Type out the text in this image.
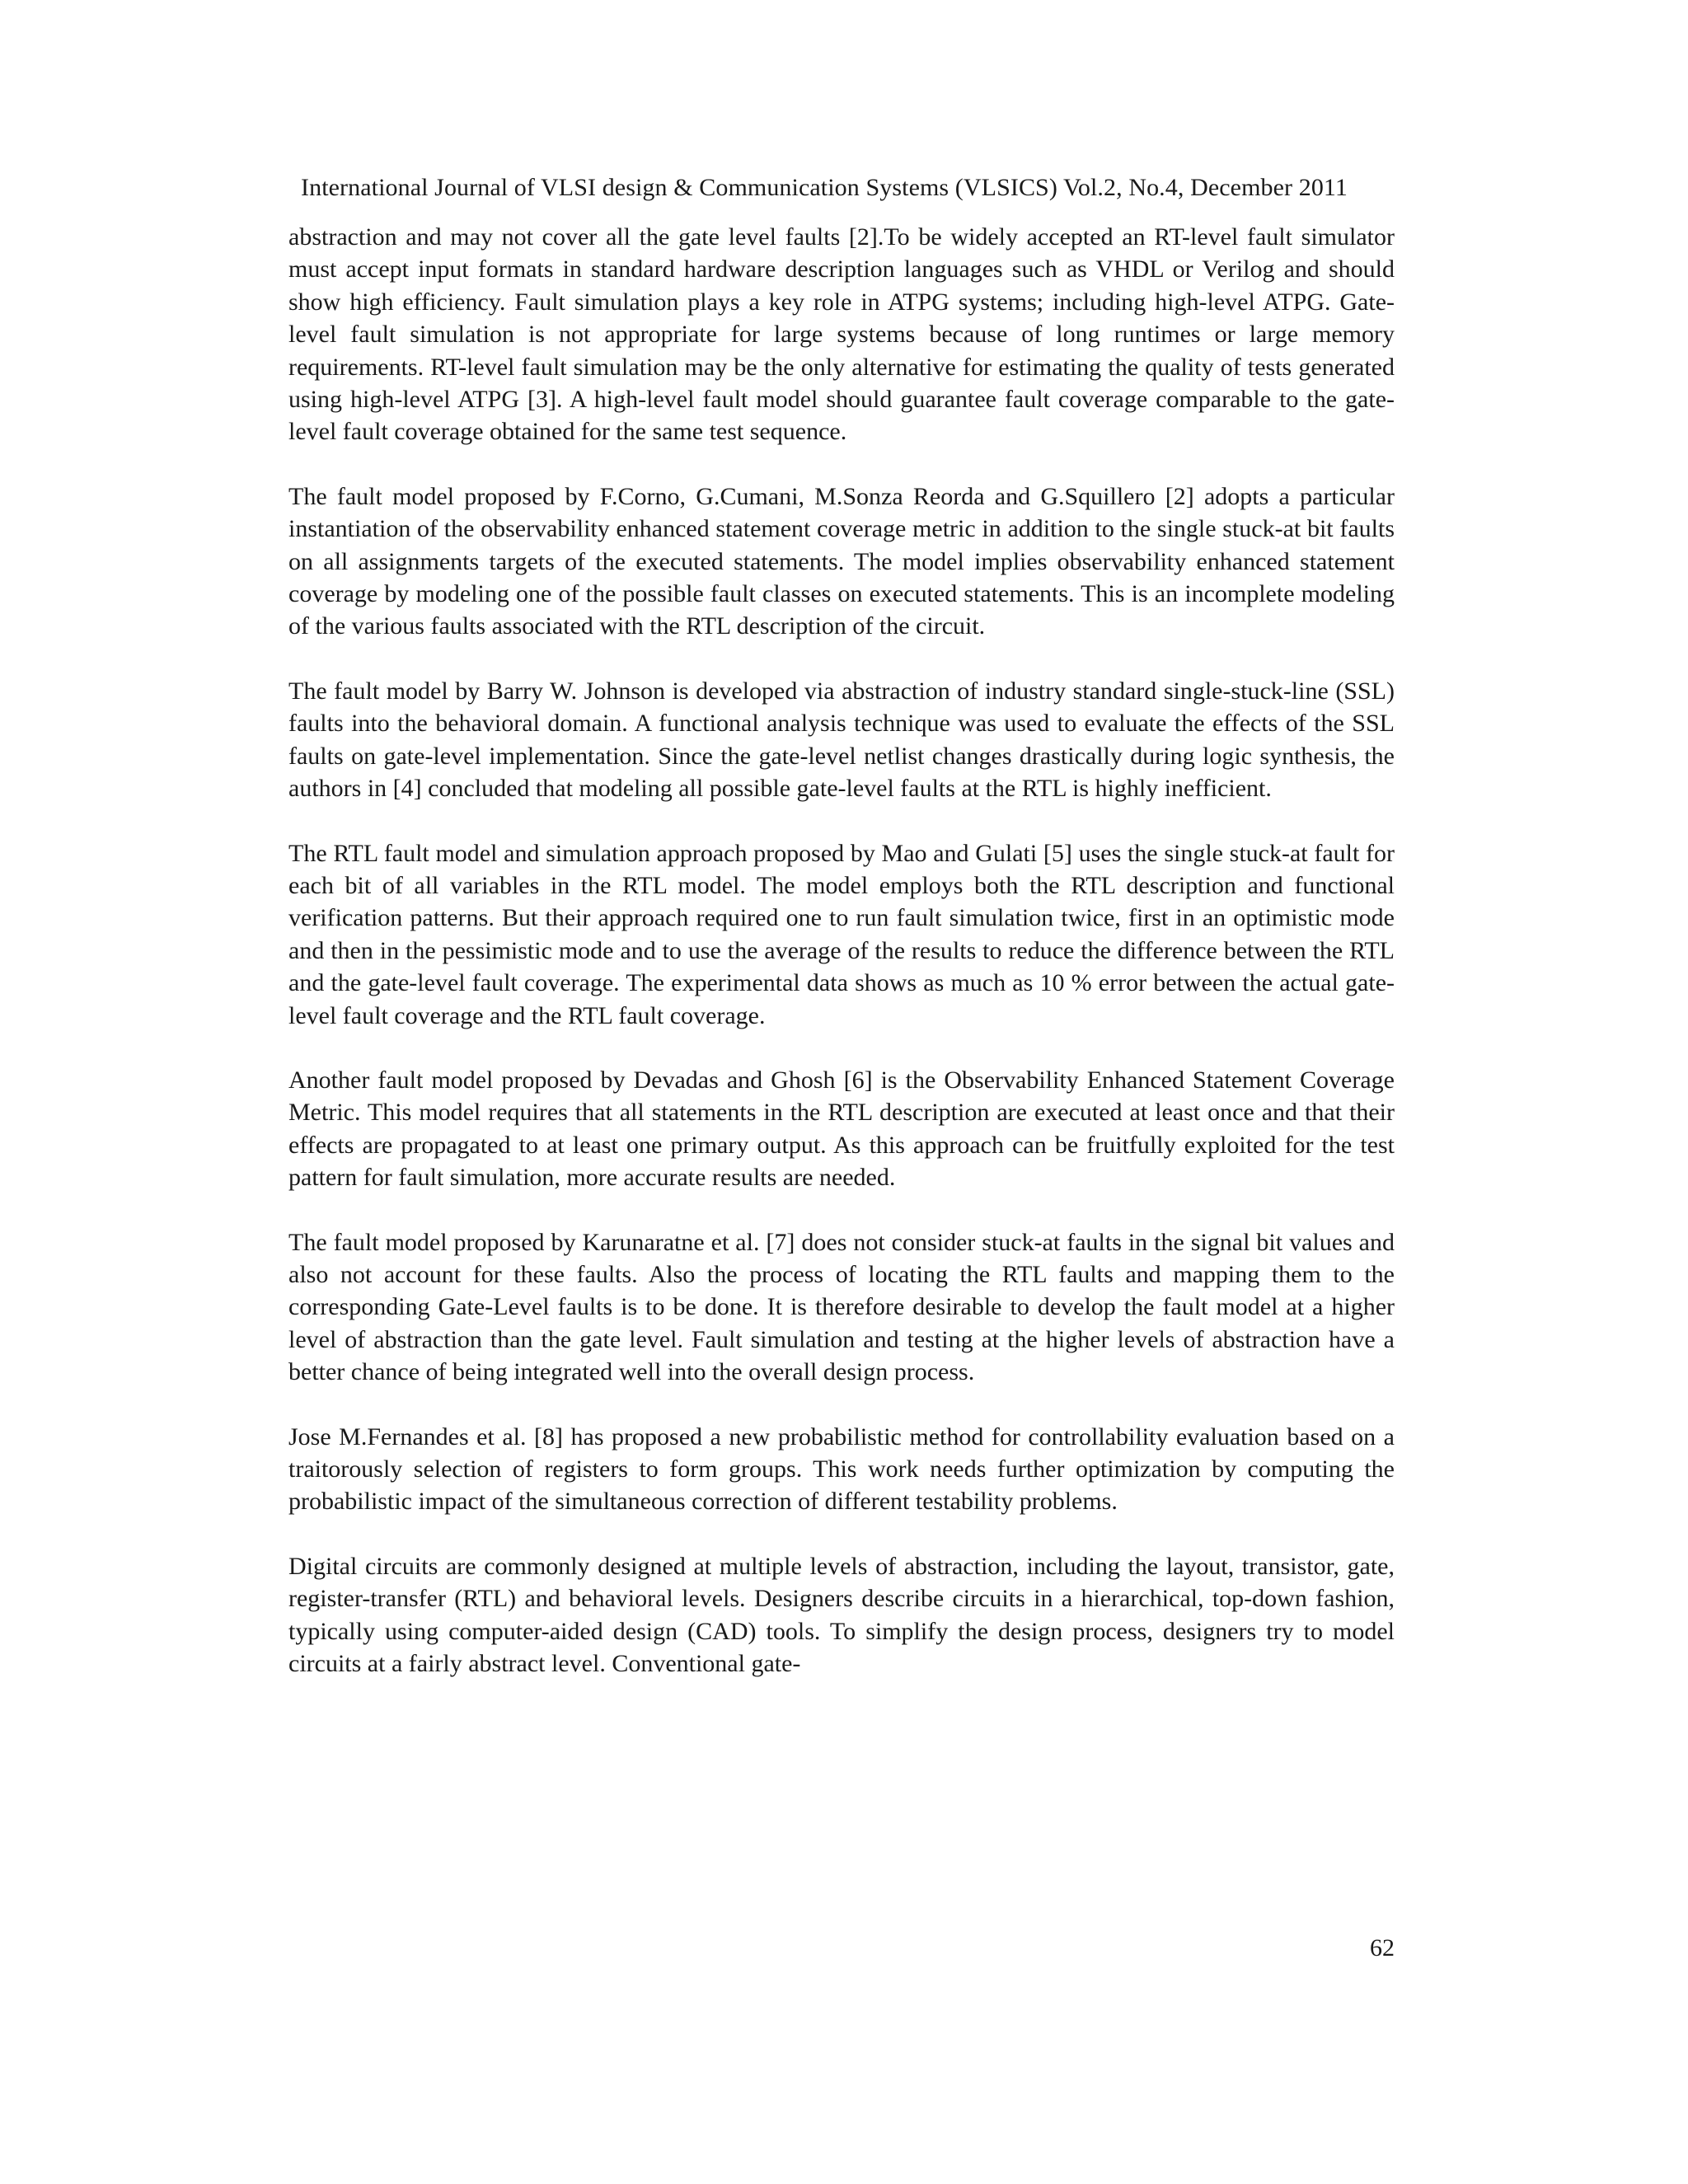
International Journal of VLSI design & Communication Systems (VLSICS) Vol.2, No.4, December 2011

abstraction and may not cover all the gate level faults [2].To be widely accepted an RT-level fault simulator must accept input formats in standard hardware description languages such as VHDL or Verilog and should show high efficiency. Fault simulation plays a key role in ATPG systems; including high-level ATPG. Gate-level fault simulation is not appropriate for large systems because of long runtimes or large memory requirements. RT-level fault simulation may be the only alternative for estimating the quality of tests generated using high-level ATPG [3]. A high-level fault model should guarantee fault coverage comparable to the gate-level fault coverage obtained for the same test sequence.

The fault model proposed by F.Corno, G.Cumani, M.Sonza Reorda and G.Squillero [2] adopts a particular instantiation of the observability enhanced statement coverage metric in addition to the single stuck-at bit faults on all assignments targets of the executed statements. The model implies observability enhanced statement coverage by modeling one of the possible fault classes on executed statements. This is an incomplete modeling of the various faults associated with the RTL description of the circuit.

The fault model by Barry W. Johnson is developed via abstraction of industry standard single-stuck-line (SSL) faults into the behavioral domain. A functional analysis technique was used to evaluate the effects of the SSL faults on gate-level implementation. Since the gate-level netlist changes drastically during logic synthesis, the authors in [4] concluded that modeling all possible gate-level faults at the RTL is highly inefficient.

The RTL fault model and simulation approach proposed by Mao and Gulati [5] uses the single stuck-at fault for each bit of all variables in the RTL model. The model employs both the RTL description and functional verification patterns. But their approach required one to run fault simulation twice, first in an optimistic mode and then in the pessimistic mode and to use the average of the results to reduce the difference between the RTL and the gate-level fault coverage. The experimental data shows as much as 10 % error between the actual gate-level fault coverage and the RTL fault coverage.

Another fault model proposed by Devadas and Ghosh [6] is the Observability Enhanced Statement Coverage Metric. This model requires that all statements in the RTL description are executed at least once and that their effects are propagated to at least one primary output. As this approach can be fruitfully exploited for the test pattern for fault simulation, more accurate results are needed.

The fault model proposed by Karunaratne et al. [7] does not consider stuck-at faults in the signal bit values and also not account for these faults. Also the process of locating the RTL faults and mapping them to the corresponding Gate-Level faults is to be done. It is therefore desirable to develop the fault model at a higher level of abstraction than the gate level. Fault simulation and testing at the higher levels of abstraction have a better chance of being integrated well into the overall design process.

Jose M.Fernandes et al. [8] has proposed a new probabilistic method for controllability evaluation based on a traitorously selection of registers to form groups. This work needs further optimization by computing the probabilistic impact of the simultaneous correction of different testability problems.

Digital circuits are commonly designed at multiple levels of abstraction, including the layout, transistor, gate, register-transfer (RTL) and behavioral levels. Designers describe circuits in a hierarchical, top-down fashion, typically using computer-aided design (CAD) tools. To simplify the design process, designers try to model circuits at a fairly abstract level. Conventional gate-

62
